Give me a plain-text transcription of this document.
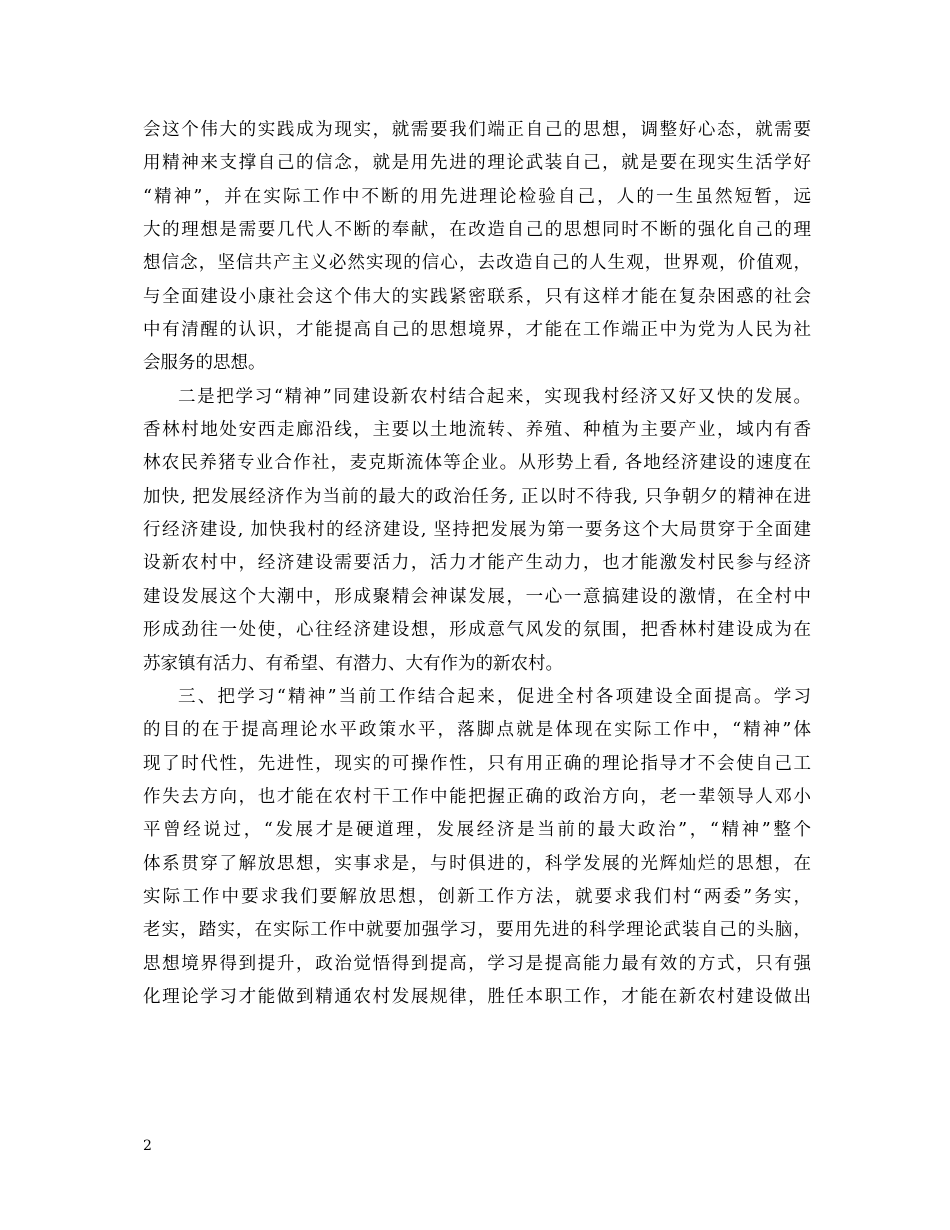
会这个伟大的实践成为现实，就需要我们端正自己的思想，调整好心态，就需要
用精神来支撑自己的信念，就是用先进的理论武装自己，就是要在现实生活学好
“精神”，并在实际工作中不断的用先进理论检验自己，人的一生虽然短暂，远
大的理想是需要几代人不断的奉献，在改造自己的思想同时不断的强化自己的理
想信念，坚信共产主义必然实现的信心，去改造自己的人生观，世界观，价值观，
与全面建设小康社会这个伟大的实践紧密联系，只有这样才能在复杂困惑的社会
中有清醒的认识，才能提高自己的思想境界，才能在工作端正中为党为人民为社
会服务的思想。
二是把学习“精神”同建设新农村结合起来，实现我村经济又好又快的发展。
香林村地处安西走廊沿线，主要以土地流转、养殖、种植为主要产业，域内有香
林农民养猪专业合作社，麦克斯流体等企业。从形势上看, 各地经济建设的速度在
加快, 把发展经济作为当前的最大的政治任务, 正以时不待我, 只争朝夕的精神在进
行经济建设, 加快我村的经济建设, 坚持把发展为第一要务这个大局贯穿于全面建
设新农村中，经济建设需要活力，活力才能产生动力，也才能激发村民参与经济
建设发展这个大潮中，形成聚精会神谋发展，一心一意搞建设的激情，在全村中
形成劲往一处使，心往经济建设想，形成意气风发的氛围，把香林村建设成为在
苏家镇有活力、有希望、有潜力、大有作为的新农村。
三、把学习“精神”当前工作结合起来，促进全村各项建设全面提高。学习
的目的在于提高理论水平政策水平，落脚点就是体现在实际工作中，“精神”体
现了时代性，先进性，现实的可操作性，只有用正确的理论指导才不会使自己工
作失去方向，也才能在农村干工作中能把握正确的政治方向，老一辈领导人邓小
平曾经说过，“发展才是硬道理，发展经济是当前的最大政治”，“精神”整个
体系贯穿了解放思想，实事求是，与时俱进的，科学发展的光辉灿烂的思想，在
实际工作中要求我们要解放思想，创新工作方法，就要求我们村“两委”务实，
老实，踏实，在实际工作中就要加强学习，要用先进的科学理论武装自己的头脑，
思想境界得到提升，政治觉悟得到提高，学习是提高能力最有效的方式，只有强
化理论学习才能做到精通农村发展规律，胜任本职工作，才能在新农村建设做出
2
